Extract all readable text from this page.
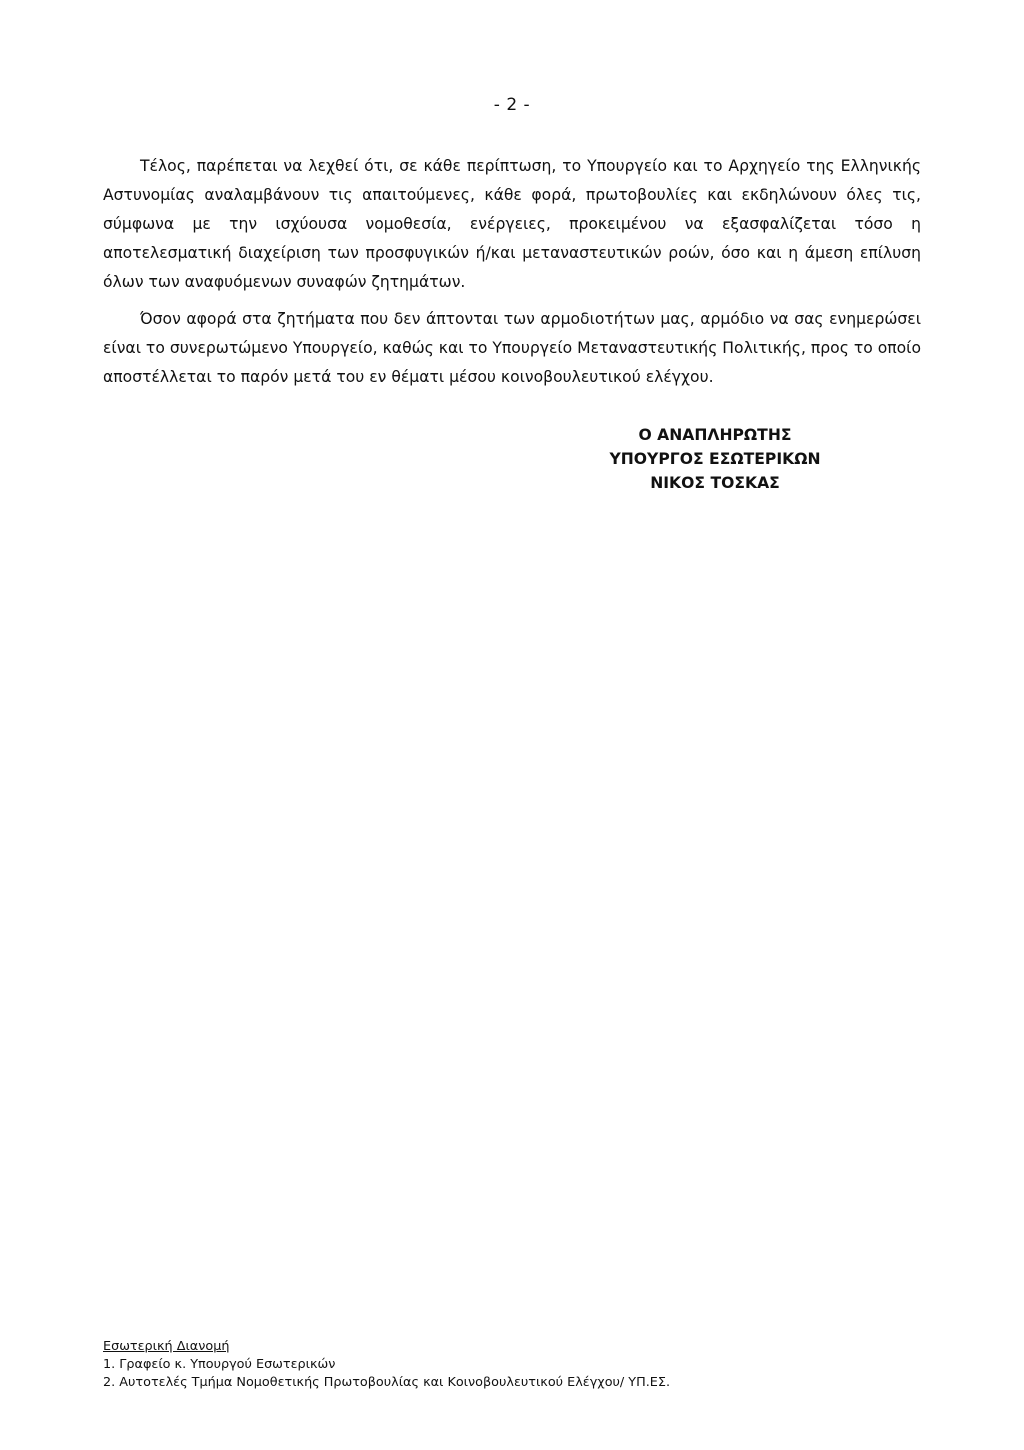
- 2 -

Τέλος, παρέπεται να λεχθεί ότι, σε κάθε περίπτωση, το Υπουργείο και το Αρχηγείο της Ελληνικής Αστυνομίας αναλαμβάνουν τις απαιτούμενες, κάθε φορά, πρωτοβουλίες και εκδηλώνουν όλες τις, σύμφωνα με την ισχύουσα νομοθεσία, ενέργειες, προκειμένου να εξασφαλίζεται τόσο η αποτελεσματική διαχείριση των προσφυγικών ή/και μεταναστευτικών ροών, όσο και η άμεση επίλυση όλων των αναφυόμενων συναφών ζητημάτων.

Όσον αφορά στα ζητήματα που δεν άπτονται των αρμοδιοτήτων μας, αρμόδιο να σας ενημερώσει είναι το συνερωτώμενο Υπουργείο, καθώς και το Υπουργείο Μεταναστευτικής Πολιτικής, προς το οποίο αποστέλλεται το παρόν μετά του εν θέματι μέσου κοινοβουλευτικού ελέγχου.

Ο ΑΝΑΠΛΗΡΩΤΗΣ
ΥΠΟΥΡΓΟΣ ΕΣΩΤΕΡΙΚΩΝ
ΝΙΚΟΣ ΤΟΣΚΑΣ
Εσωτερική Διανομή
1. Γραφείο κ. Υπουργού Εσωτερικών
2. Αυτοτελές Τμήμα Νομοθετικής Πρωτοβουλίας και Κοινοβουλευτικού Ελέγχου/ ΥΠ.ΕΣ.
